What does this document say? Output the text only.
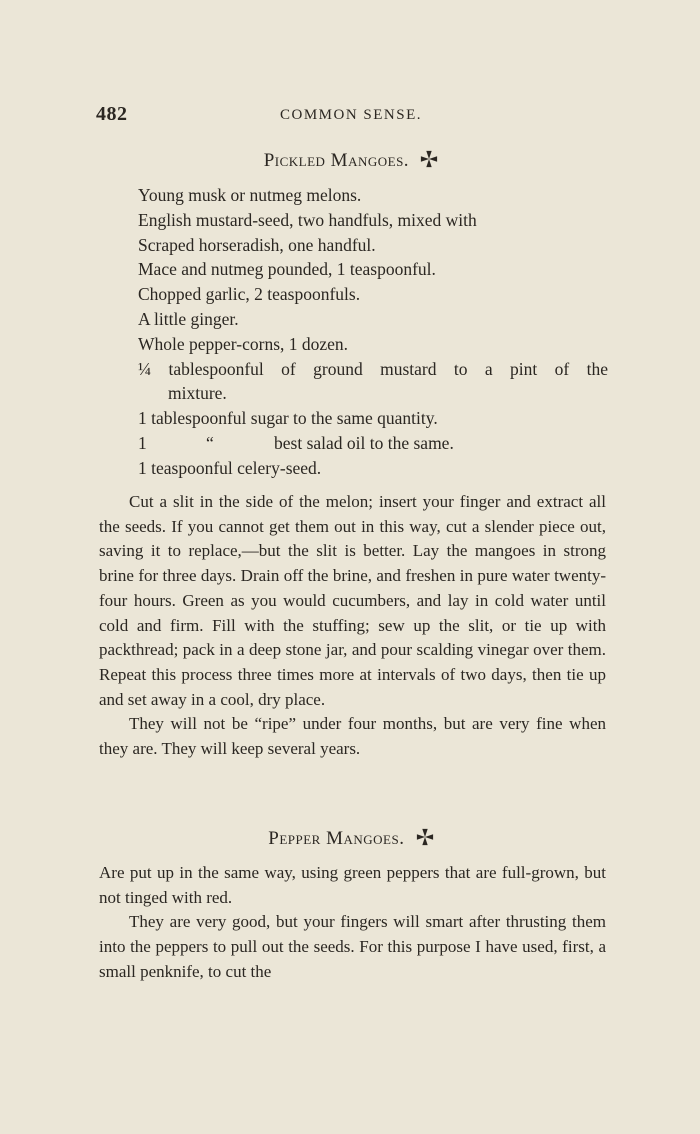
482	COMMON SENSE.
Pickled Mangoes.
Young musk or nutmeg melons.
English mustard-seed, two handfuls, mixed with
Scraped horseradish, one handful.
Mace and nutmeg pounded, 1 teaspoonful.
Chopped garlic, 2 teaspoonfuls.
A little ginger.
Whole pepper-corns, 1 dozen.
¼ tablespoonful of ground mustard to a pint of the
mixture.
1 tablespoonful sugar to the same quantity.
1	“	best salad oil to the same.
1 teaspoonful celery-seed.

Cut a slit in the side of the melon; insert your finger and extract all the seeds. If you cannot get them out in this way, cut a slender piece out, saving it to replace,—but the slit is better. Lay the mangoes in strong brine for three days. Drain off the brine, and freshen in pure water twenty-four hours. Green as you would cucumbers, and lay in cold water until cold and firm. Fill with the stuffing; sew up the slit, or tie up with packthread; pack in a deep stone jar, and pour scalding vinegar over them. Repeat this process three times more at intervals of two days, then tie up and set away in a cool, dry place.

They will not be “ripe” under four months, but are very fine when they are. They will keep several years.

Pepper Mangoes.

Are put up in the same way, using green peppers that are full-grown, but not tinged with red.

They are very good, but your fingers will smart after thrusting them into the peppers to pull out the seeds. For this purpose I have used, first, a small penknife, to cut the
